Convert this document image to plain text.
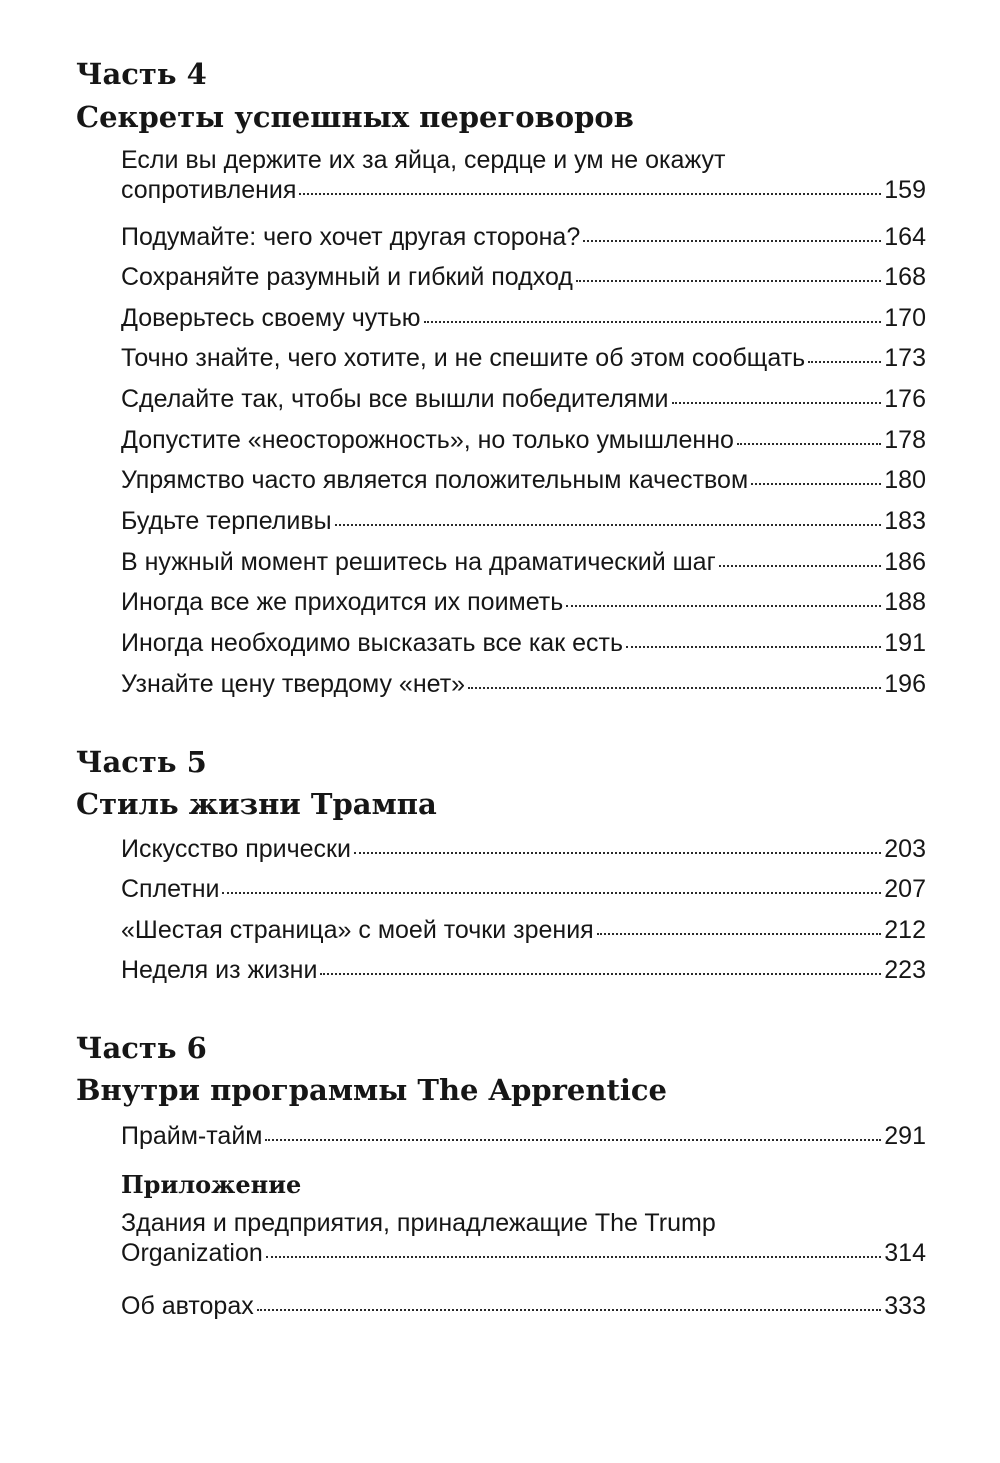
Часть 4
Секреты успешных переговоров
Если вы держите их за яйца, сердце и ум не окажут
сопротивления	159
Подумайте: чего хочет другая сторона?	164
Сохраняйте разумный и гибкий подход	168
Доверьтесь своему чутью	170
Точно знайте, чего хотите, и не спешите об этом сообщать	173
Сделайте так, чтобы все вышли победителями	176
Допустите «неосторожность», но только умышленно	178
Упрямство часто является положительным качеством	180
Будьте терпеливы	183
В нужный момент решитесь на драматический шаг	186
Иногда все же приходится их поиметь	188
Иногда необходимо высказать все как есть	191
Узнайте цену твердому «нет»	196
Часть 5
Стиль жизни Трампа
Искусство прически	203
Сплетни	207
«Шестая страница» с моей точки зрения	212
Неделя из жизни	223
Часть 6
Внутри программы The Apprentice
Прайм-тайм	291
Приложение
Здания и предприятия, принадлежащие The Trump
Organization	314
Об авторах	333
